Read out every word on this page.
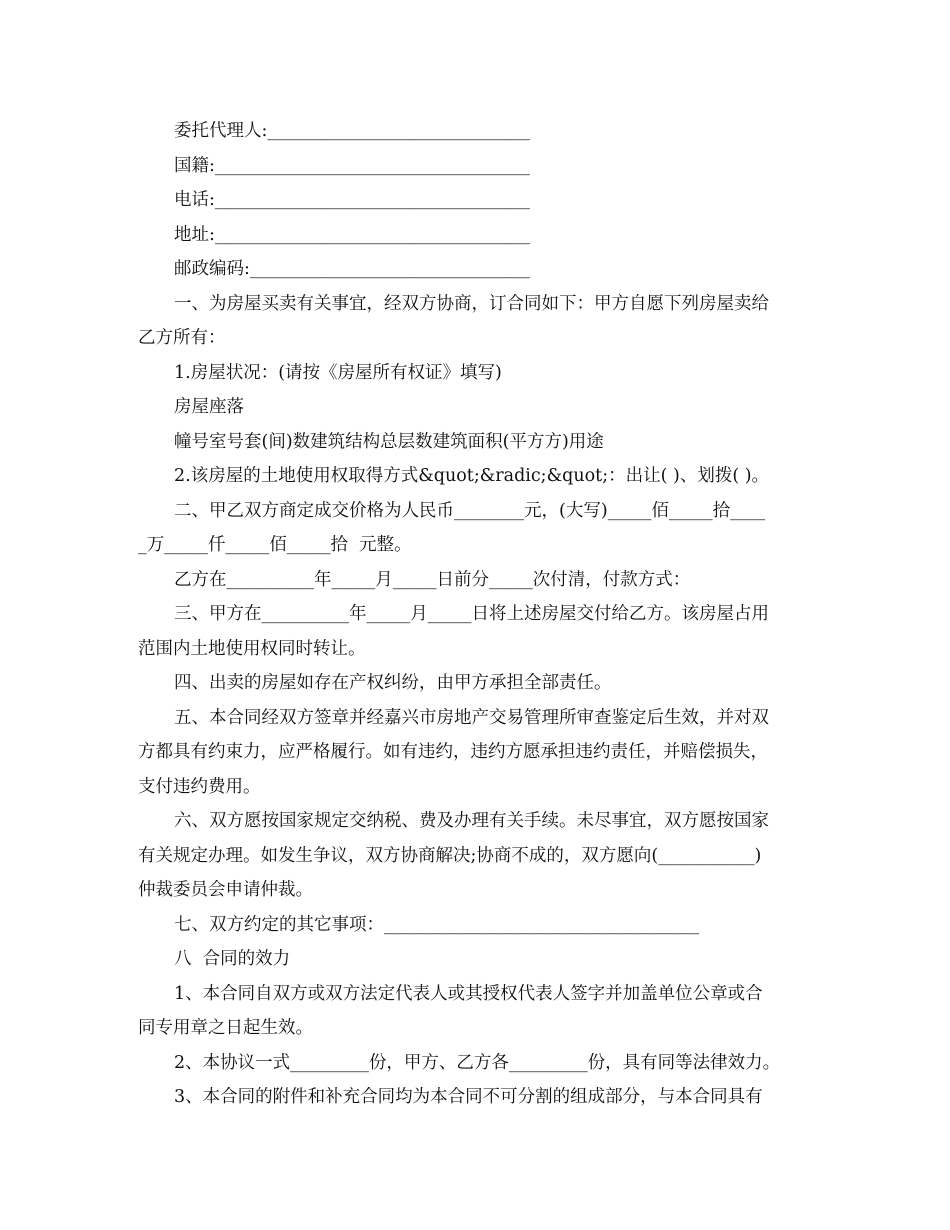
委托代理人:______________________________
国籍:____________________________________
电话:____________________________________
地址:____________________________________
邮政编码:________________________________
一、为房屋买卖有关事宜，经双方协商，订合同如下：甲方自愿下列房屋卖给
乙方所有：
1.房屋状况：(请按《房屋所有权证》填写)
房屋座落
幢号室号套(间)数建筑结构总层数建筑面积(平方方)用途
2.该房屋的土地使用权取得方式&quot;&radic;&quot;：出让( )、划拨( )。
二、甲乙双方商定成交价格为人民币________元，(大写)_____佰_____拾____
_万_____仟_____佰_____拾  元整。
乙方在__________年_____月_____日前分_____次付清，付款方式：
三、甲方在__________年_____月_____日将上述房屋交付给乙方。该房屋占用
范围内土地使用权同时转让。
四、出卖的房屋如存在产权纠纷，由甲方承担全部责任。
五、本合同经双方签章并经嘉兴市房地产交易管理所审查鉴定后生效，并对双
方都具有约束力，应严格履行。如有违约，违约方愿承担违约责任，并赔偿损失，
支付违约费用。
六、双方愿按国家规定交纳税、费及办理有关手续。未尽事宜，双方愿按国家
有关规定办理。如发生争议，双方协商解决;协商不成的，双方愿向(___________)
仲裁委员会申请仲裁。
七、双方约定的其它事项：____________________________________
八  合同的效力
1、本合同自双方或双方法定代表人或其授权代表人签字并加盖单位公章或合
同专用章之日起生效。
2、本协议一式_________份，甲方、乙方各_________份，具有同等法律效力。
3、本合同的附件和补充合同均为本合同不可分割的组成部分，与本合同具有
